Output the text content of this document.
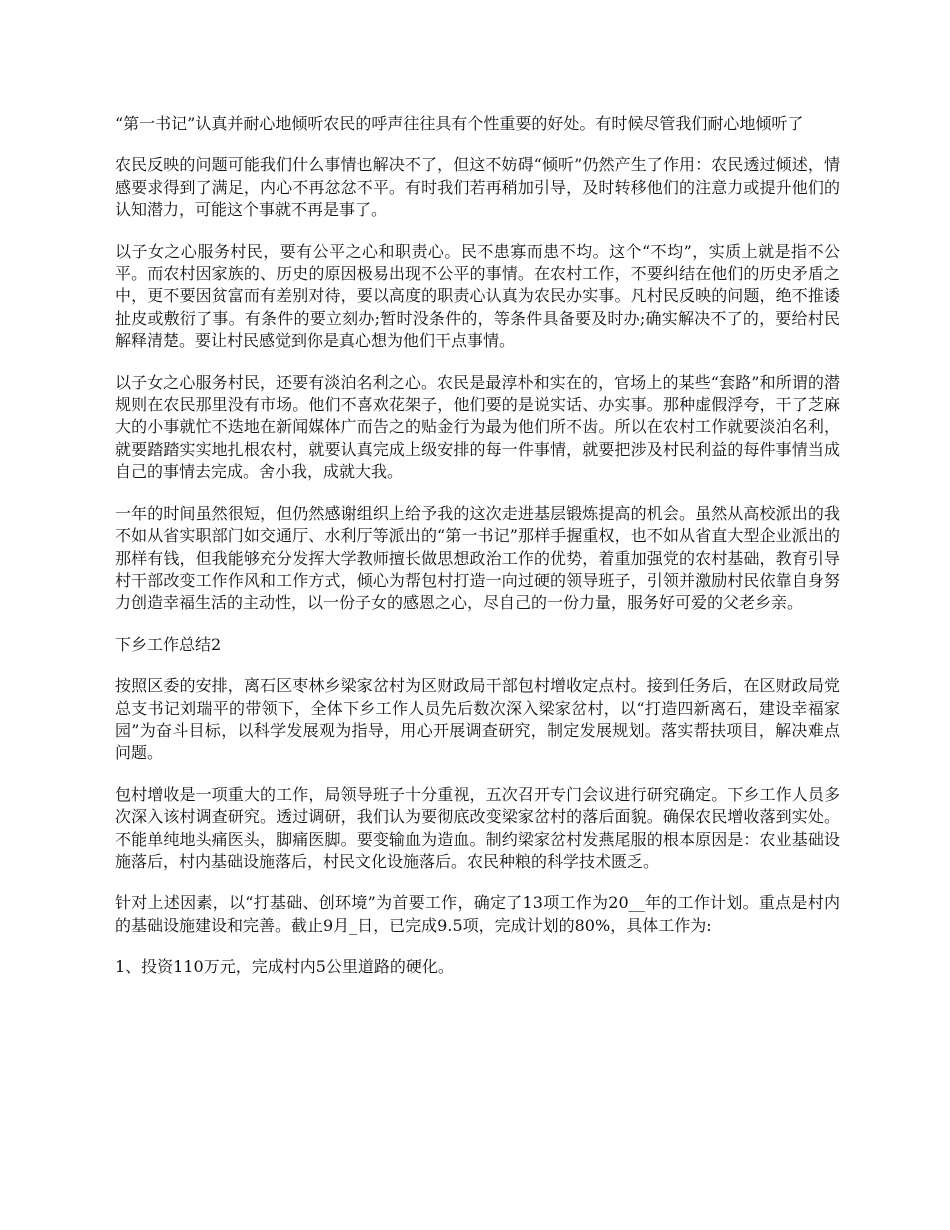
“第一书记”认真并耐心地倾听农民的呼声往往具有个性重要的好处。有时候尽管我们耐心地倾听了

农民反映的问题可能我们什么事情也解决不了，但这不妨碍“倾听”仍然产生了作用：农民透过倾述，情感要求得到了满足，内心不再忿忿不平。有时我们若再稍加引导，及时转移他们的注意力或提升他们的认知潜力，可能这个事就不再是事了。

以子女之心服务村民，要有公平之心和职责心。民不患寡而患不均。这个“不均”，实质上就是指不公平。而农村因家族的、历史的原因极易出现不公平的事情。在农村工作，不要纠结在他们的历史矛盾之中，更不要因贫富而有差别对待，要以高度的职责心认真为农民办实事。凡村民反映的问题，绝不推诿扯皮或敷衍了事。有条件的要立刻办;暂时没条件的，等条件具备要及时办;确实解决不了的，要给村民解释清楚。要让村民感觉到你是真心想为他们干点事情。

以子女之心服务村民，还要有淡泊名利之心。农民是最淳朴和实在的，官场上的某些“套路”和所谓的潜规则在农民那里没有市场。他们不喜欢花架子，他们要的是说实话、办实事。那种虚假浮夸，干了芝麻大的小事就忙不迭地在新闻媒体广而告之的贴金行为最为他们所不齿。所以在农村工作就要淡泊名利，就要踏踏实实地扎根农村，就要认真完成上级安排的每一件事情，就要把涉及村民利益的每件事情当成自己的事情去完成。舍小我，成就大我。

一年的时间虽然很短，但仍然感谢组织上给予我的这次走进基层锻炼提高的机会。虽然从高校派出的我不如从省实职部门如交通厅、水利厅等派出的“第一书记”那样手握重权，也不如从省直大型企业派出的那样有钱，但我能够充分发挥大学教师擅长做思想政治工作的优势，着重加强党的农村基础，教育引导村干部改变工作作风和工作方式，倾心为帮包村打造一向过硬的领导班子，引领并激励村民依靠自身努力创造幸福生活的主动性，以一份子女的感恩之心，尽自己的一份力量，服务好可爱的父老乡亲。

下乡工作总结2

按照区委的安排，离石区枣林乡梁家岔村为区财政局干部包村增收定点村。接到任务后，在区财政局党总支书记刘瑞平的带领下，全体下乡工作人员先后数次深入梁家岔村，以“打造四新离石，建设幸福家园”为奋斗目标，以科学发展观为指导，用心开展调查研究，制定发展规划。落实帮扶项目，解决难点问题。

包村增收是一项重大的工作，局领导班子十分重视，五次召开专门会议进行研究确定。下乡工作人员多次深入该村调查研究。透过调研，我们认为要彻底改变梁家岔村的落后面貌。确保农民增收落到实处。不能单纯地头痛医头，脚痛医脚。要变输血为造血。制约梁家岔村发燕尾服的根本原因是：农业基础设施落后，村内基础设施落后，村民文化设施落后。农民种粮的科学技术匮乏。

针对上述因素，以“打基础、创环境”为首要工作，确定了13项工作为20__年的工作计划。重点是村内的基础设施建设和完善。截止9月_日，已完成9.5项，完成计划的80%，具体工作为:

1、投资110万元，完成村内5公里道路的硬化。
